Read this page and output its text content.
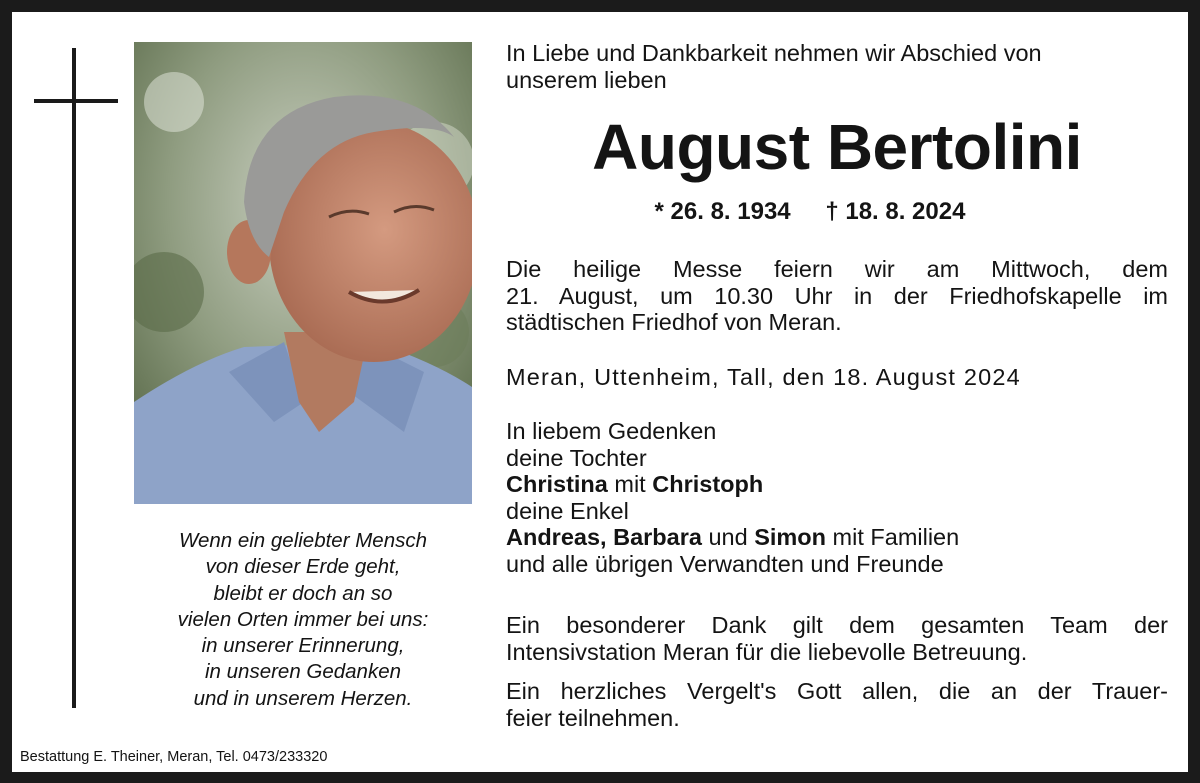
Wenn ein geliebter Mensch
von dieser Erde geht,
bleibt er doch an so
vielen Orten immer bei uns:
in unserer Erinnerung,
in unseren Gedanken
und in unserem Herzen.
In Liebe und Dankbarkeit nehmen wir Abschied von
unserem lieben
August Bertolini
* 26. 8. 1934 † 18. 8. 2024
Die heilige Messe feiern wir am Mittwoch, dem
21. August, um 10.30 Uhr in der Friedhofskapelle im
städtischen Friedhof von Meran.
Meran, Uttenheim, Tall, den 18. August 2024
In liebem Gedenken
deine Tochter
Christina mit Christoph
deine Enkel
Andreas, Barbara und Simon mit Familien
und alle übrigen Verwandten und Freunde
Ein besonderer Dank gilt dem gesamten Team der
Intensivstation Meran für die liebevolle Betreuung.
Ein herzliches Vergelt's Gott allen, die an der Trauer-
feier teilnehmen.
Bestattung E. Theiner, Meran, Tel. 0473/233320
